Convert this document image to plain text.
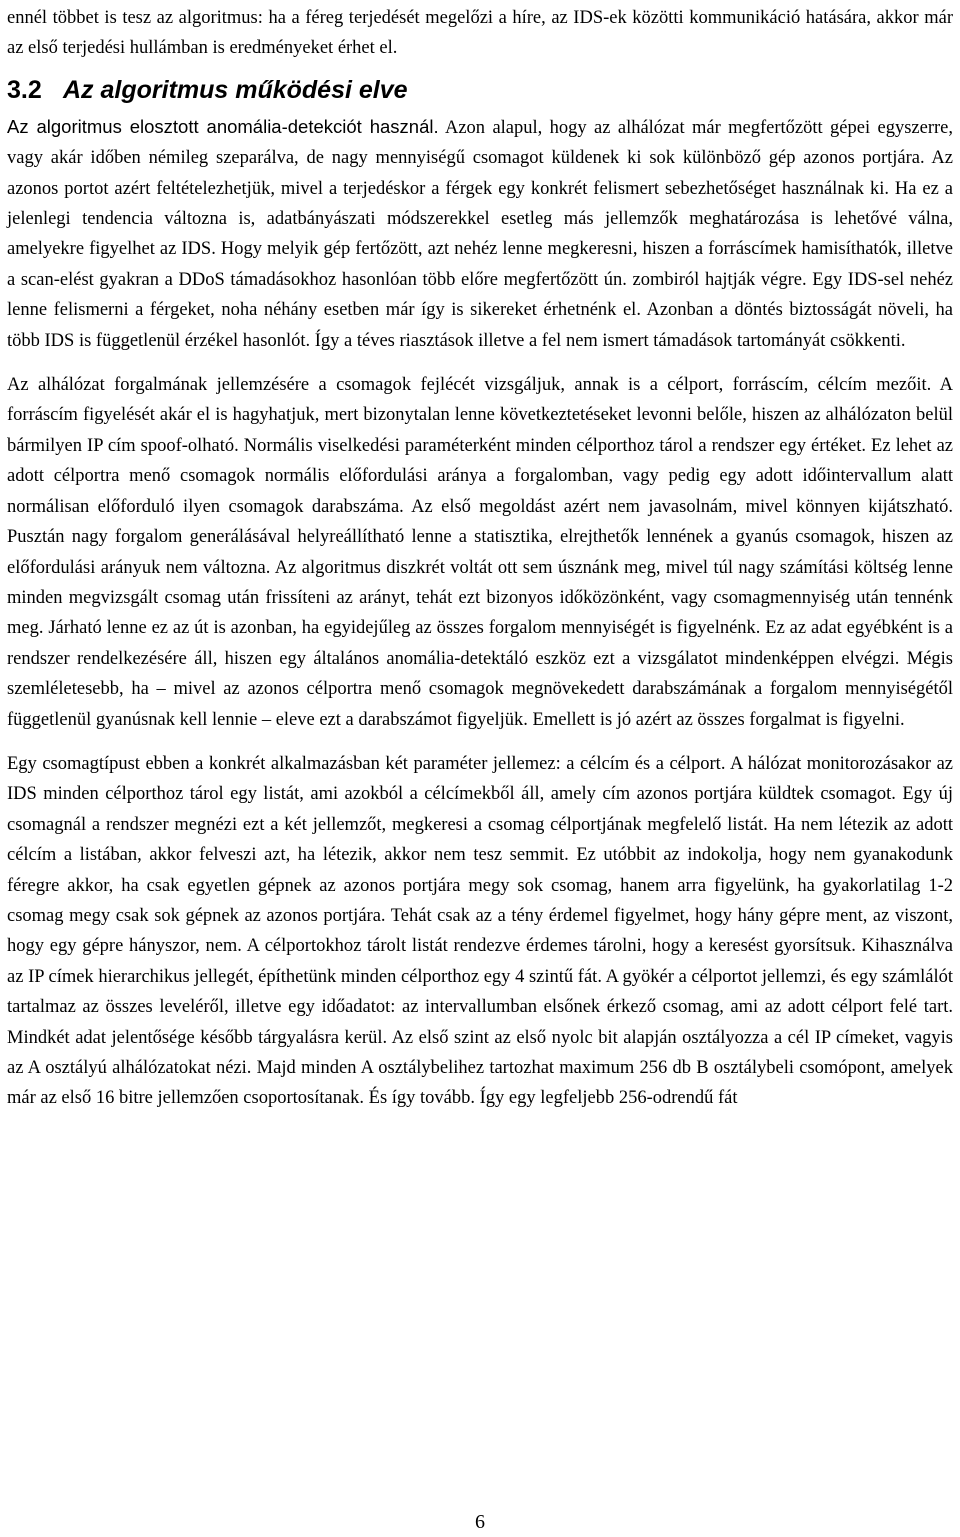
ennél többet is tesz az algoritmus: ha a féreg terjedését megelőzi a híre, az IDS-ek közötti kommunikáció hatására, akkor már az első terjedési hullámban is eredményeket érhet el.

3.2 Az algoritmus működési elve

Az algoritmus elosztott anomália-detekciót használ. Azon alapul, hogy az alhálózat már megfertőzött gépei egyszerre, vagy akár időben némileg szeparálva, de nagy mennyiségű csomagot küldenek ki sok különböző gép azonos portjára. Az azonos portot azért feltételezhetjük, mivel a terjedéskor a férgek egy konkrét felismert sebezhetőséget használnak ki. Ha ez a jelenlegi tendencia változna is, adatbányászati módszerekkel esetleg más jellemzők meghatározása is lehetővé válna, amelyekre figyelhet az IDS. Hogy melyik gép fertőzött, azt nehéz lenne megkeresni, hiszen a forráscímek hamisíthatók, illetve a scan-elést gyakran a DDoS támadásokhoz hasonlóan több előre megfertőzött ún. zombiról hajtják végre. Egy IDS-sel nehéz lenne felismerni a férgeket, noha néhány esetben már így is sikereket érhetnénk el. Azonban a döntés biztosságát növeli, ha több IDS is függetlenül érzékel hasonlót. Így a téves riasztások illetve a fel nem ismert támadások tartományát csökkenti.

Az alhálózat forgalmának jellemzésére a csomagok fejlécét vizsgáljuk, annak is a célport, forráscím, célcím mezőit. A forráscím figyelését akár el is hagyhatjuk, mert bizonytalan lenne következtetéseket levonni belőle, hiszen az alhálózaton belül bármilyen IP cím spoof-olható. Normális viselkedési paraméterként minden célporthoz tárol a rendszer egy értéket. Ez lehet az adott célportra menő csomagok normális előfordulási aránya a forgalomban, vagy pedig egy adott időintervallum alatt normálisan előforduló ilyen csomagok darabszáma. Az első megoldást azért nem javasolnám, mivel könnyen kijátszható. Pusztán nagy forgalom generálásával helyreállítható lenne a statisztika, elrejthetők lennének a gyanús csomagok, hiszen az előfordulási arányuk nem változna. Az algoritmus diszkrét voltát ott sem úsznánk meg, mivel túl nagy számítási költség lenne minden megvizsgált csomag után frissíteni az arányt, tehát ezt bizonyos időközönként, vagy csomagmennyiség után tennénk meg. Járható lenne ez az út is azonban, ha egyidejűleg az összes forgalom mennyiségét is figyelnénk. Ez az adat egyébként is a rendszer rendelkezésére áll, hiszen egy általános anomália-detektáló eszköz ezt a vizsgálatot mindenképpen elvégzi. Mégis szemléletesebb, ha – mivel az azonos célportra menő csomagok megnövekedett darabszámának a forgalom mennyiségétől függetlenül gyanúsnak kell lennie – eleve ezt a darabszámot figyeljük. Emellett is jó azért az összes forgalmat is figyelni.

Egy csomagtípust ebben a konkrét alkalmazásban két paraméter jellemez: a célcím és a célport. A hálózat monitorozásakor az IDS minden célporthoz tárol egy listát, ami azokból a célcímekből áll, amely cím azonos portjára küldtek csomagot. Egy új csomagnál a rendszer megnézi ezt a két jellemzőt, megkeresi a csomag célportjának megfelelő listát. Ha nem létezik az adott célcím a listában, akkor felveszi azt, ha létezik, akkor nem tesz semmit. Ez utóbbit az indokolja, hogy nem gyanakodunk féregre akkor, ha csak egyetlen gépnek az azonos portjára megy sok csomag, hanem arra figyelünk, ha gyakorlatilag 1-2 csomag megy csak sok gépnek az azonos portjára. Tehát csak az a tény érdemel figyelmet, hogy hány gépre ment, az viszont, hogy egy gépre hányszor, nem. A célportokhoz tárolt listát rendezve érdemes tárolni, hogy a keresést gyorsítsuk. Kihasználva az IP címek hierarchikus jellegét, építhetünk minden célporthoz egy 4 szintű fát. A gyökér a célportot jellemzi, és egy számlálót tartalmaz az összes leveléről, illetve egy időadatot: az intervallumban elsőnek érkező csomag, ami az adott célport felé tart. Mindkét adat jelentősége később tárgyalásra kerül. Az első szint az első nyolc bit alapján osztályozza a cél IP címeket, vagyis az A osztályú alhálózatokat nézi. Majd minden A osztálybelihez tartozhat maximum 256 db B osztálybeli csomópont, amelyek már az első 16 bitre jellemzően csoportosítanak. És így tovább. Így egy legfeljebb 256-odrendű fát

6
